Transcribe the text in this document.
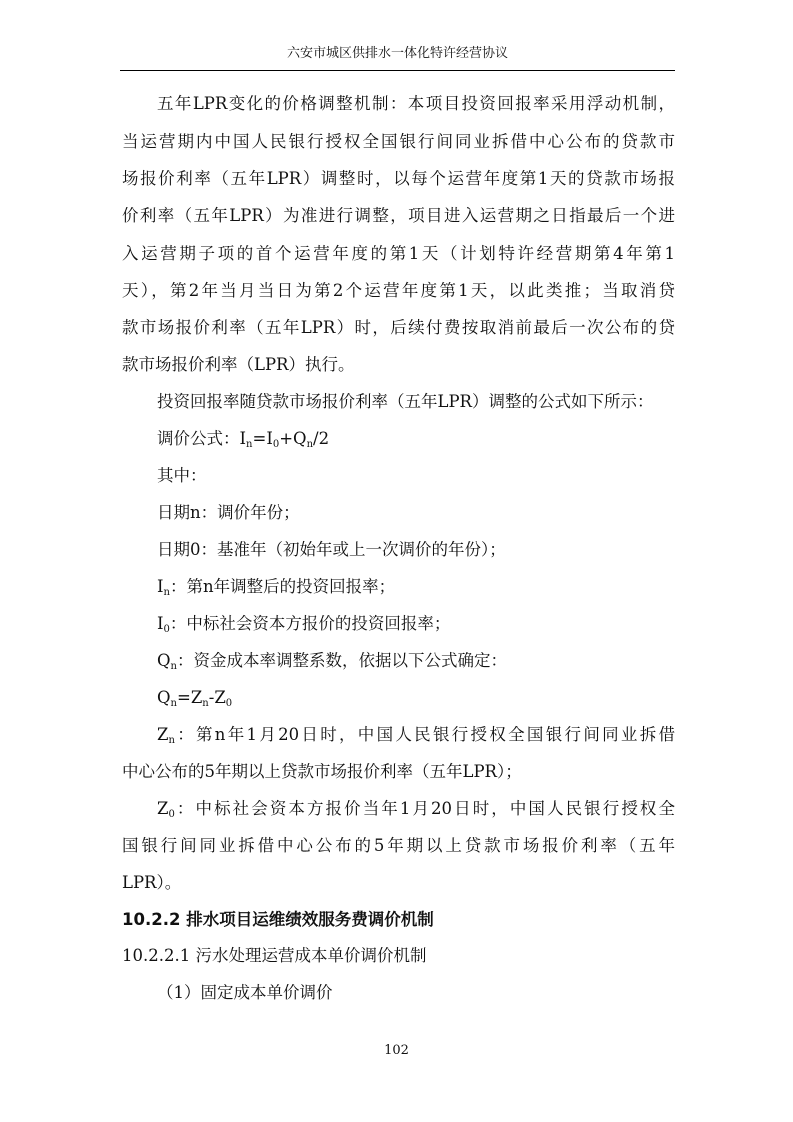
六安市城区供排水一体化特许经营协议
五年LPR变化的价格调整机制：本项目投资回报率采用浮动机制，
当运营期内中国人民银行授权全国银行间同业拆借中心公布的贷款市
场报价利率（五年LPR）调整时，以每个运营年度第1天的贷款市场报
价利率（五年LPR）为准进行调整，项目进入运营期之日指最后一个进
入运营期子项的首个运营年度的第1天（计划特许经营期第4年第1
天），第2年当月当日为第2个运营年度第1天，以此类推；当取消贷
款市场报价利率（五年LPR）时，后续付费按取消前最后一次公布的贷
款市场报价利率（LPR）执行。
投资回报率随贷款市场报价利率（五年LPR）调整的公式如下所示：
调价公式：$I_n=I_0+Q_n/2$
其中：
日期n：调价年份；
日期0：基准年（初始年或上一次调价的年份）；
$I_n$：第n年调整后的投资回报率；
$I_0$：中标社会资本方报价的投资回报率；
$Q_n$：资金成本率调整系数，依据以下公式确定：
$Q_n=Z_n-Z_0$
$Z_n$：第n年1月20日时，中国人民银行授权全国银行间同业拆借
中心公布的5年期以上贷款市场报价利率（五年LPR）；
$Z_0$：中标社会资本方报价当年1月20日时，中国人民银行授权全
国银行间同业拆借中心公布的5年期以上贷款市场报价利率（五年
LPR）。
10.2.2 排水项目运维绩效服务费调价机制
10.2.2.1 污水处理运营成本单价调价机制
（1）固定成本单价调价
102
